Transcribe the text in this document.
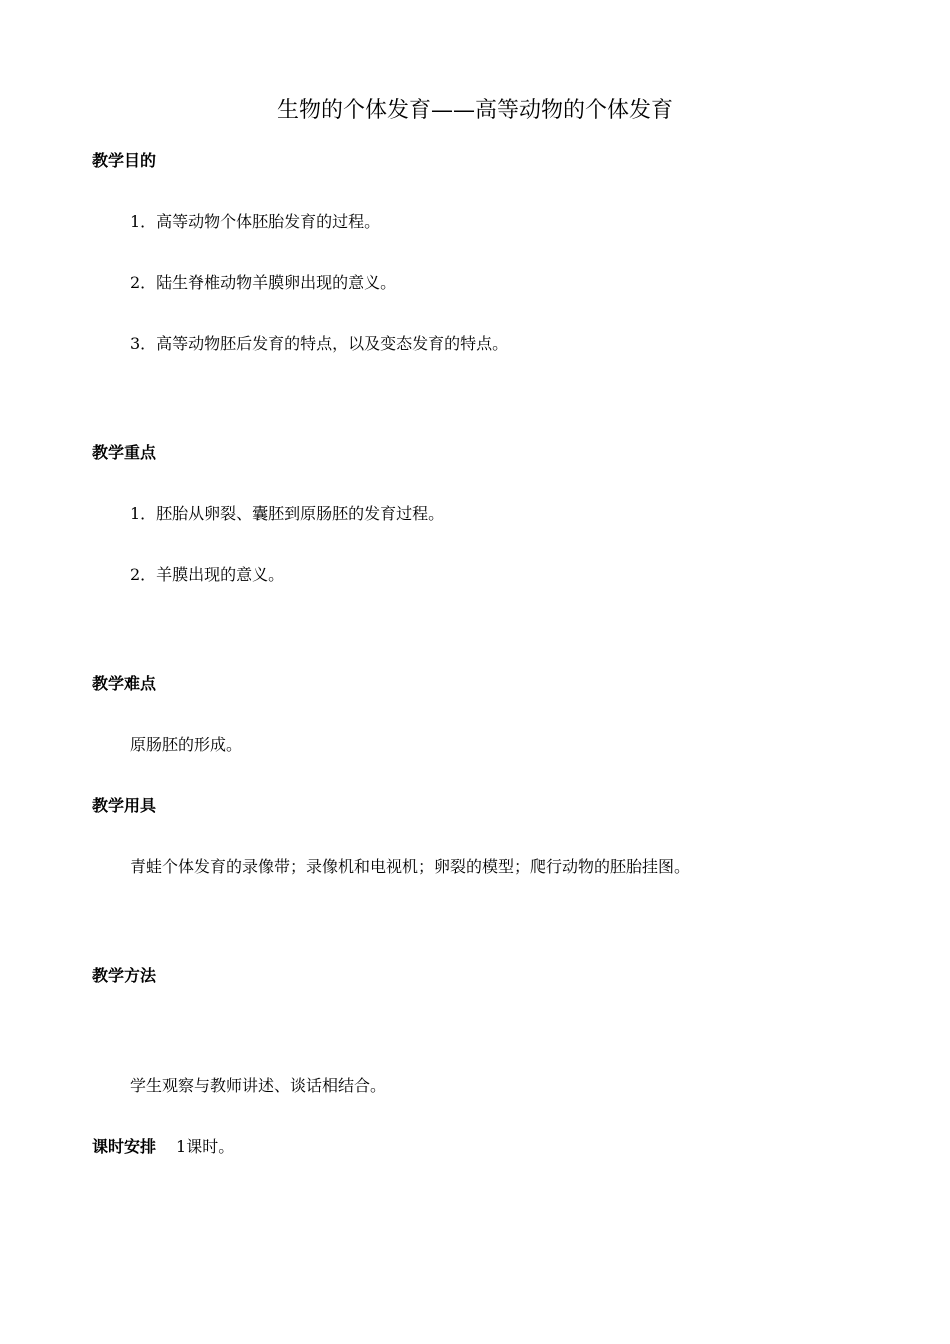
生物的个体发育——高等动物的个体发育
教学目的
1．高等动物个体胚胎发育的过程。
2．陆生脊椎动物羊膜卵出现的意义。
3．高等动物胚后发育的特点，以及变态发育的特点。
教学重点
1．胚胎从卵裂、囊胚到原肠胚的发育过程。
2．羊膜出现的意义。
教学难点
原肠胚的形成。
教学用具
青蛙个体发育的录像带；录像机和电视机；卵裂的模型；爬行动物的胚胎挂图。
教学方法
学生观察与教师讲述、谈话相结合。
课时安排 1课时。
